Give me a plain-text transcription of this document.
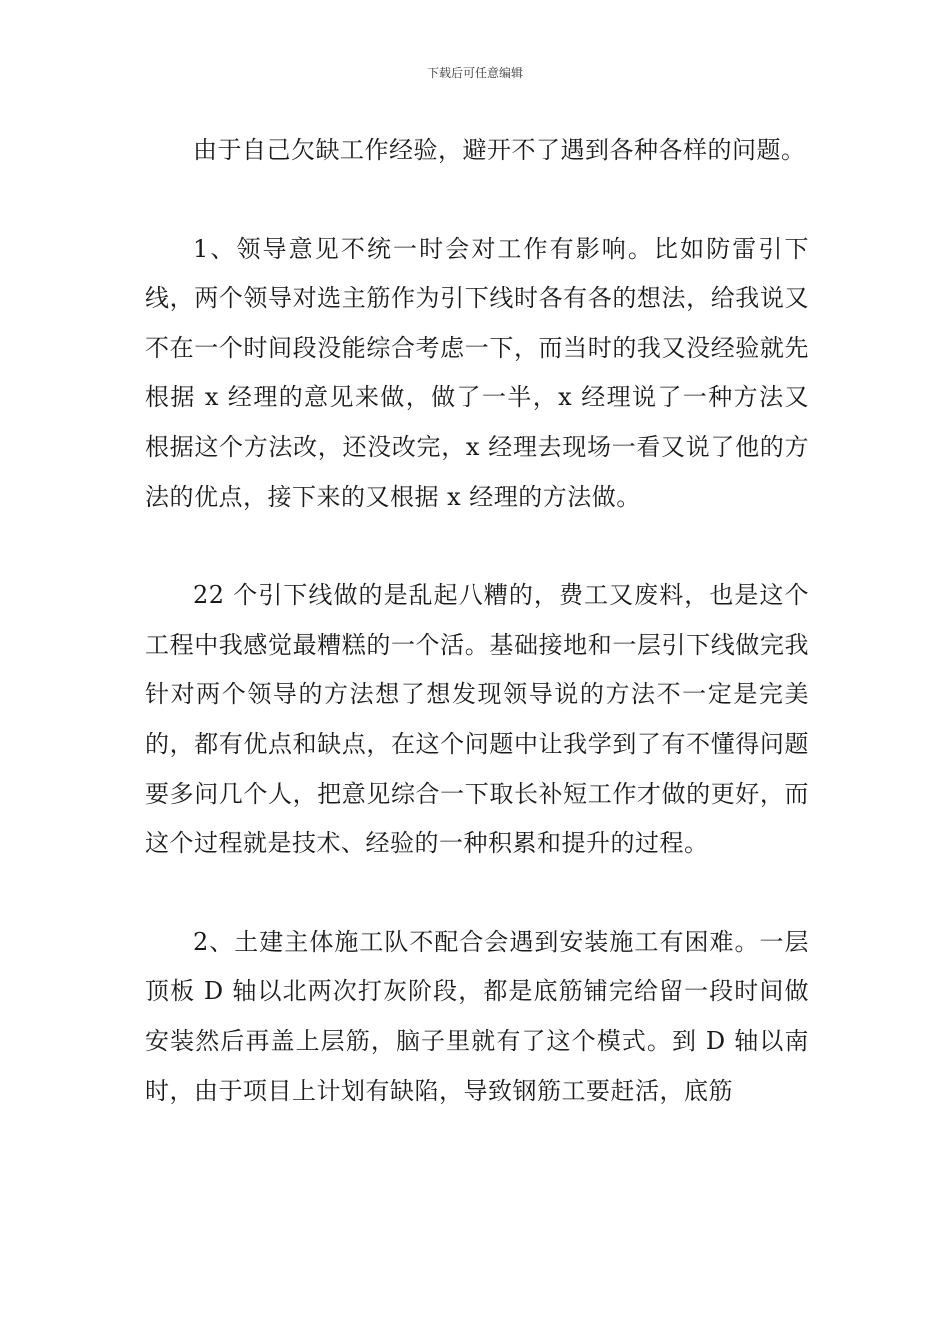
下载后可任意编辑

由于自己欠缺工作经验，避开不了遇到各种各样的问题。

1、领导意见不统一时会对工作有影响。比如防雷引下线，两个领导对选主筋作为引下线时各有各的想法，给我说又不在一个时间段没能综合考虑一下，而当时的我又没经验就先根据 x 经理的意见来做，做了一半，x 经理说了一种方法又根据这个方法改，还没改完，x 经理去现场一看又说了他的方法的优点，接下来的又根据 x 经理的方法做。

22 个引下线做的是乱起八糟的，费工又废料，也是这个工程中我感觉最糟糕的一个活。基础接地和一层引下线做完我针对两个领导的方法想了想发现领导说的方法不一定是完美的，都有优点和缺点，在这个问题中让我学到了有不懂得问题要多问几个人，把意见综合一下取长补短工作才做的更好，而这个过程就是技术、经验的一种积累和提升的过程。

2、土建主体施工队不配合会遇到安装施工有困难。一层顶板 D 轴以北两次打灰阶段，都是底筋铺完给留一段时间做安装然后再盖上层筋，脑子里就有了这个模式。到 D 轴以南时，由于项目上计划有缺陷，导致钢筋工要赶活，底筋
